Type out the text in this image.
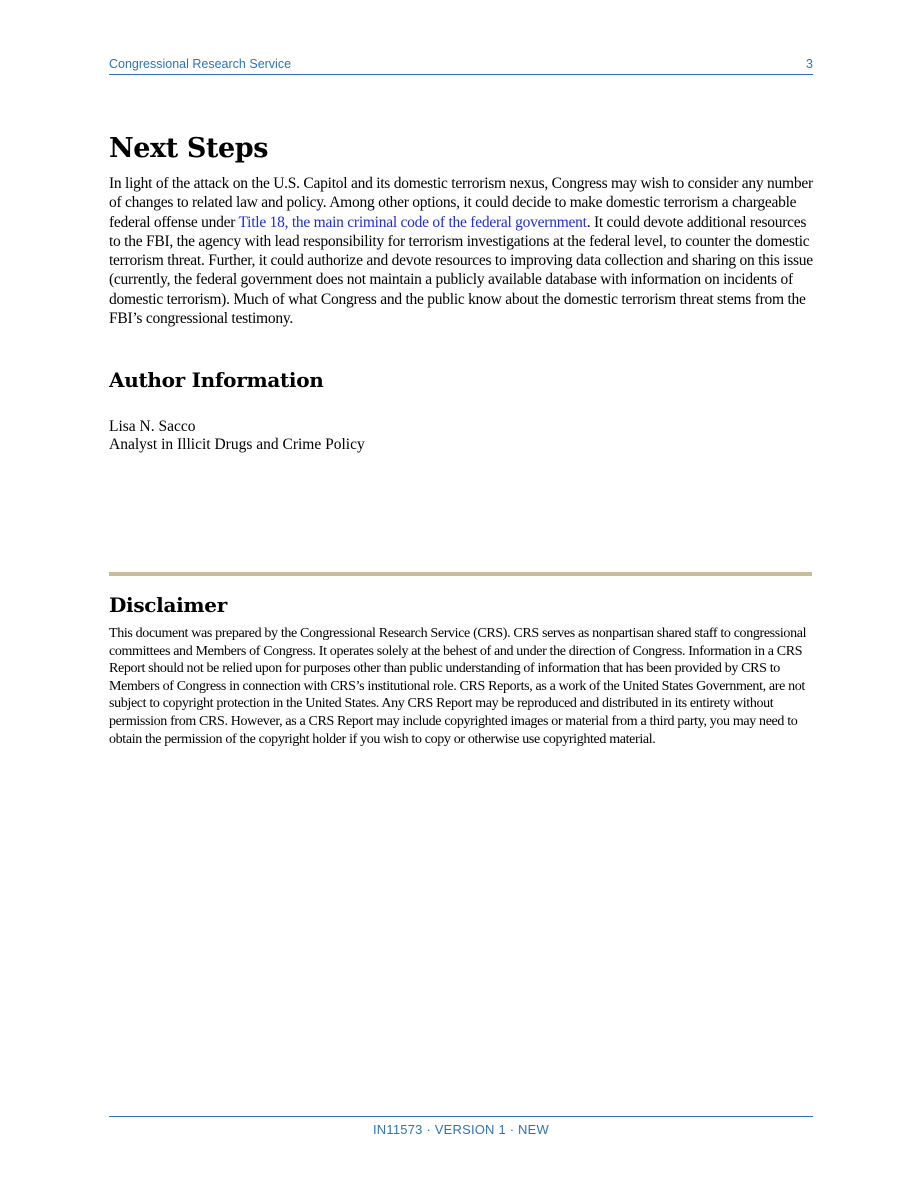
Congressional Research Service	3
Next Steps

In light of the attack on the U.S. Capitol and its domestic terrorism nexus, Congress may wish to consider any number of changes to related law and policy. Among other options, it could decide to make domestic terrorism a chargeable federal offense under Title 18, the main criminal code of the federal government. It could devote additional resources to the FBI, the agency with lead responsibility for terrorism investigations at the federal level, to counter the domestic terrorism threat. Further, it could authorize and devote resources to improving data collection and sharing on this issue (currently, the federal government does not maintain a publicly available database with information on incidents of domestic terrorism). Much of what Congress and the public know about the domestic terrorism threat stems from the FBI’s congressional testimony.

Author Information
Lisa N. Sacco
Analyst in Illicit Drugs and Crime Policy
Disclaimer

This document was prepared by the Congressional Research Service (CRS). CRS serves as nonpartisan shared staff to congressional committees and Members of Congress. It operates solely at the behest of and under the direction of Congress. Information in a CRS Report should not be relied upon for purposes other than public understanding of information that has been provided by CRS to Members of Congress in connection with CRS’s institutional role. CRS Reports, as a work of the United States Government, are not subject to copyright protection in the United States. Any CRS Report may be reproduced and distributed in its entirety without permission from CRS. However, as a CRS Report may include copyrighted images or material from a third party, you may need to obtain the permission of the copyright holder if you wish to copy or otherwise use copyrighted material.

IN11573 · VERSION 1 · NEW
